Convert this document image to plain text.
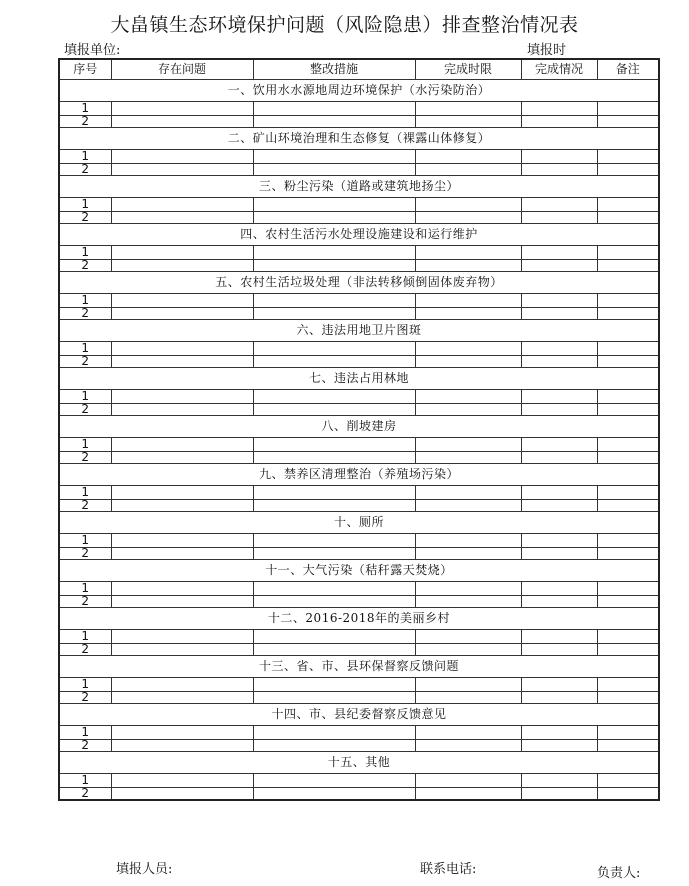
大畠镇生态环境保护问题（风险隐患）排查整治情况表
填报单位:	填报时
序号	存在问题	整改措施	完成时限	完成情况	备注
一、饮用水水源地周边环境保护（水污染防治）					
1					
2					
二、矿山环境治理和生态修复（裸露山体修复）					
1					
2					
三、粉尘污染（道路或建筑地扬尘）					
1					
2					
四、农村生活污水处理设施建设和运行维护					
1					
2					
五、农村生活垃圾处理（非法转移倾倒固体废弃物）					
1					
2					
六、违法用地卫片图斑					
1					
2					
七、违法占用林地					
1					
2					
八、削坡建房					
1					
2					
九、禁养区清理整治（养殖场污染）					
1					
2					
十、厕所					
1					
2					
十一、大气污染（秸秆露天焚烧）					
1					
2					
十二、2016-2018年的美丽乡村					
1					
2					
十三、省、市、县环保督察反馈问题					
1					
2					
十四、市、县纪委督察反馈意见					
1					
2					
十五、其他					
1					
2					
填报人员:	联系电话:	负责人:
